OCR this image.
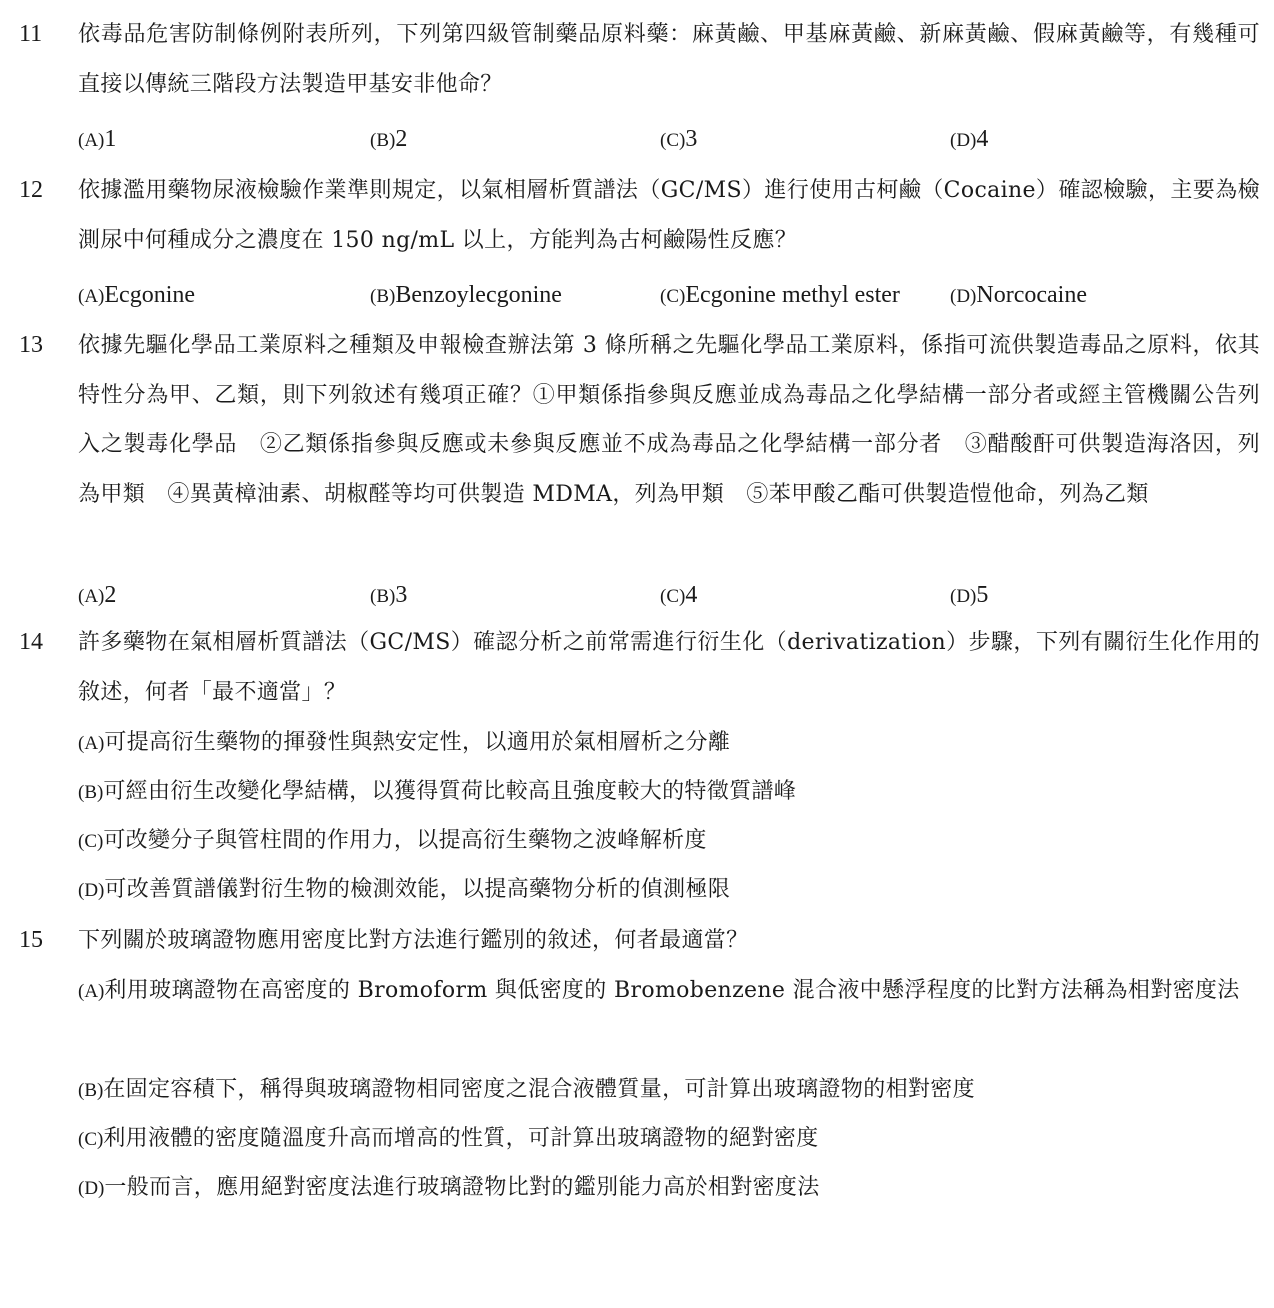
11 依毒品危害防制條例附表所列，下列第四級管制藥品原料藥：麻黃鹼、甲基麻黃鹼、新麻黃鹼、假麻黃鹼等，有幾種可直接以傳統三階段方法製造甲基安非他命？

(A)1	(B)2	(C)3	(D)4
12 依據濫用藥物尿液檢驗作業準則規定，以氣相層析質譜法（GC/MS）進行使用古柯鹼（Cocaine）確認檢驗，主要為檢測尿中何種成分之濃度在 150 ng/mL 以上，方能判為古柯鹼陽性反應？

(A)Ecgonine	(B)Benzoylecgonine	(C)Ecgonine methyl ester	(D)Norcocaine
13 依據先驅化學品工業原料之種類及申報檢查辦法第 3 條所稱之先驅化學品工業原料，係指可流供製造毒品之原料，依其特性分為甲、乙類，則下列敘述有幾項正確？①甲類係指參與反應並成為毒品之化學結構一部分者或經主管機關公告列入之製毒化學品　②乙類係指參與反應或未參與反應並不成為毒品之化學結構一部分者　③醋酸酐可供製造海洛因，列為甲類　④異黃樟油素、胡椒醛等均可供製造 MDMA，列為甲類　⑤苯甲酸乙酯可供製造愷他命，列為乙類

(A)2	(B)3	(C)4	(D)5
14 許多藥物在氣相層析質譜法（GC/MS）確認分析之前常需進行衍生化（derivatization）步驟，下列有關衍生化作用的敘述，何者「最不適當」？

(A)可提高衍生藥物的揮發性與熱安定性，以適用於氣相層析之分離

(B)可經由衍生改變化學結構，以獲得質荷比較高且強度較大的特徵質譜峰

(C)可改變分子與管柱間的作用力，以提高衍生藥物之波峰解析度

(D)可改善質譜儀對衍生物的檢測效能，以提高藥物分析的偵測極限

15 下列關於玻璃證物應用密度比對方法進行鑑別的敘述，何者最適當？

(A)利用玻璃證物在高密度的 Bromoform 與低密度的 Bromobenzene 混合液中懸浮程度的比對方法稱為相對密度法

(B)在固定容積下，稱得與玻璃證物相同密度之混合液體質量，可計算出玻璃證物的相對密度

(C)利用液體的密度隨溫度升高而增高的性質，可計算出玻璃證物的絕對密度

(D)一般而言，應用絕對密度法進行玻璃證物比對的鑑別能力高於相對密度法
